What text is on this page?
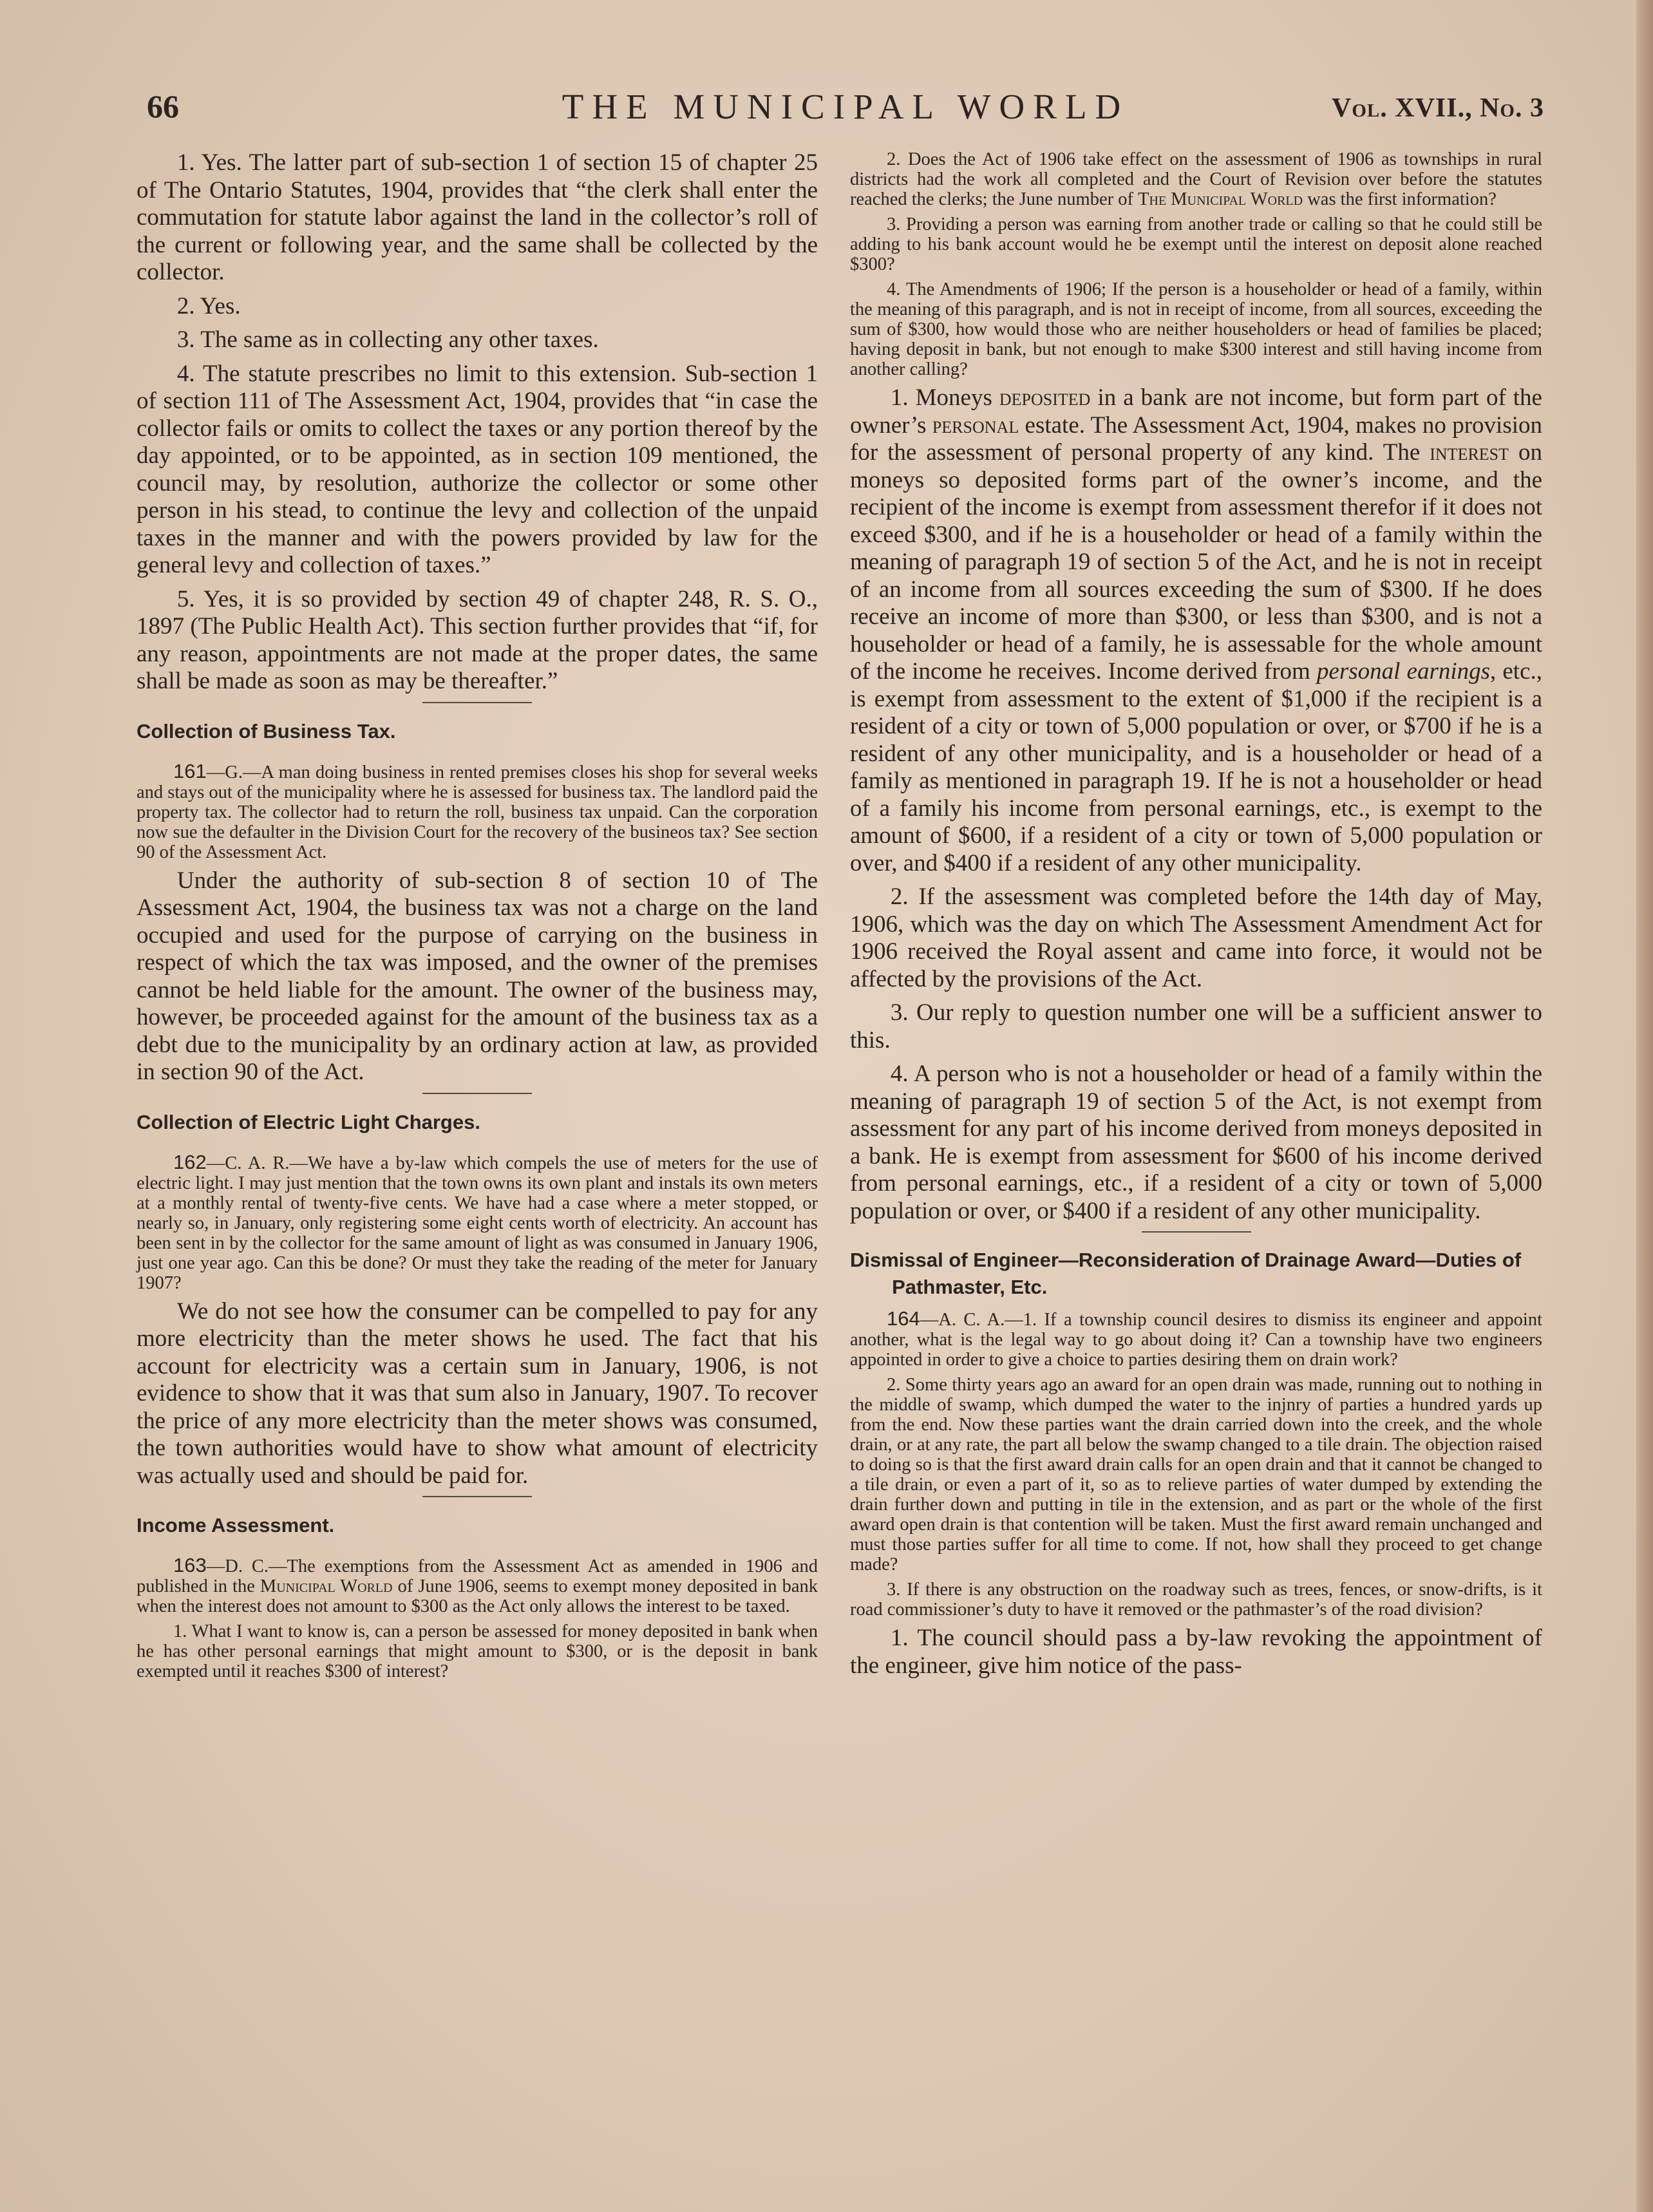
66	THE MUNICIPAL WORLD	Vol. XVII., No. 3

1. Yes. The latter part of sub-section 1 of section 15 of chapter 25 of The Ontario Statutes, 1904, provides that “the clerk shall enter the commutation for statute labor against the land in the collector’s roll of the current or following year, and the same shall be collected by the collector.

2. Yes.

3. The same as in collecting any other taxes.

4. The statute prescribes no limit to this extension. Sub-section 1 of section 111 of The Assessment Act, 1904, provides that “in case the collector fails or omits to collect the taxes or any portion thereof by the day appointed, or to be appointed, as in section 109 mentioned, the council may, by resolution, authorize the collector or some other person in his stead, to continue the levy and collection of the unpaid taxes in the manner and with the powers provided by law for the general levy and collection of taxes.”

5. Yes, it is so provided by section 49 of chapter 248, R. S. O., 1897 (The Public Health Act). This section further provides that “if, for any reason, appointments are not made at the proper dates, the same shall be made as soon as may be thereafter.”

Collection of Business Tax.

161—G.—A man doing business in rented premises closes his shop for several weeks and stays out of the municipality where he is assessed for business tax. The landlord paid the property tax. The collector had to return the roll, business tax unpaid. Can the corporation now sue the defaulter in the Division Court for the recovery of the busineos tax? See section 90 of the Assessment Act.

Under the authority of sub-section 8 of section 10 of The Assessment Act, 1904, the business tax was not a charge on the land occupied and used for the purpose of carrying on the business in respect of which the tax was imposed, and the owner of the premises cannot be held liable for the amount. The owner of the business may, however, be proceeded against for the amount of the business tax as a debt due to the municipality by an ordinary action at law, as provided in section 90 of the Act.

Collection of Electric Light Charges.

162—C. A. R.—We have a by-law which compels the use of meters for the use of electric light. I may just mention that the town owns its own plant and instals its own meters at a monthly rental of twenty-five cents. We have had a case where a meter stopped, or nearly so, in January, only registering some eight cents worth of electricity. An account has been sent in by the collector for the same amount of light as was consumed in January 1906, just one year ago. Can this be done? Or must they take the reading of the meter for January 1907?

We do not see how the consumer can be compelled to pay for any more electricity than the meter shows he used. The fact that his account for electricity was a certain sum in January, 1906, is not evidence to show that it was that sum also in January, 1907. To recover the price of any more electricity than the meter shows was consumed, the town authorities would have to show what amount of electricity was actually used and should be paid for.

Income Assessment.

163—D. C.—The exemptions from the Assessment Act as amended in 1906 and published in the Municipal World of June 1906, seems to exempt money deposited in bank when the interest does not amount to $300 as the Act only allows the interest to be taxed.

1. What I want to know is, can a person be assessed for money deposited in bank when he has other personal earnings that might amount to $300, or is the deposit in bank exempted until it reaches $300 of interest?

2. Does the Act of 1906 take effect on the assessment of 1906 as townships in rural districts had the work all completed and the Court of Revision over before the statutes reached the clerks; the June number of The Municipal World was the first information?

3. Providing a person was earning from another trade or calling so that he could still be adding to his bank account would he be exempt until the interest on deposit alone reached $300?

4. The Amendments of 1906; If the person is a householder or head of a family, within the meaning of this paragraph, and is not in receipt of income, from all sources, exceeding the sum of $300, how would those who are neither householders or head of families be placed; having deposit in bank, but not enough to make $300 interest and still having income from another calling?

1. Moneys deposited in a bank are not income, but form part of the owner’s personal estate. The Assessment Act, 1904, makes no provision for the assessment of personal property of any kind. The interest on moneys so deposited forms part of the owner’s income, and the recipient of the income is exempt from assessment therefor if it does not exceed $300, and if he is a householder or head of a family within the meaning of paragraph 19 of section 5 of the Act, and he is not in receipt of an income from all sources exceeding the sum of $300. If he does receive an income of more than $300, or less than $300, and is not a householder or head of a family, he is assessable for the whole amount of the income he receives. Income derived from personal earnings, etc., is exempt from assessment to the extent of $1,000 if the recipient is a resident of a city or town of 5,000 population or over, or $700 if he is a resident of any other municipality, and is a householder or head of a family as mentioned in paragraph 19. If he is not a householder or head of a family his income from personal earnings, etc., is exempt to the amount of $600, if a resident of a city or town of 5,000 population or over, and $400 if a resident of any other municipality.

2. If the assessment was completed before the 14th day of May, 1906, which was the day on which The Assessment Amendment Act for 1906 received the Royal assent and came into force, it would not be affected by the provisions of the Act.

3. Our reply to question number one will be a sufficient answer to this.

4. A person who is not a householder or head of a family within the meaning of paragraph 19 of section 5 of the Act, is not exempt from assessment for any part of his income derived from moneys deposited in a bank. He is exempt from assessment for $600 of his income derived from personal earnings, etc., if a resident of a city or town of 5,000 population or over, or $400 if a resident of any other municipality.

Dismissal of Engineer—Reconsideration of Drainage Award—Duties of Pathmaster, Etc.

164—A. C. A.—1. If a township council desires to dismiss its engineer and appoint another, what is the legal way to go about doing it? Can a township have two engineers appointed in order to give a choice to parties desiring them on drain work?

2. Some thirty years ago an award for an open drain was made, running out to nothing in the middle of swamp, which dumped the water to the injnry of parties a hundred yards up from the end. Now these parties want the drain carried down into the creek, and the whole drain, or at any rate, the part all below the swamp changed to a tile drain. The objection raised to doing so is that the first award drain calls for an open drain and that it cannot be changed to a tile drain, or even a part of it, so as to relieve parties of water dumped by extending the drain further down and putting in tile in the extension, and as part or the whole of the first award open drain is that contention will be taken. Must the first award remain unchanged and must those parties suffer for all time to come. If not, how shall they proceed to get change made?

3. If there is any obstruction on the roadway such as trees, fences, or snow-drifts, is it road commissioner’s duty to have it removed or the pathmaster’s of the road division?

1. The council should pass a by-law revoking the appointment of the engineer, give him notice of the pass-
